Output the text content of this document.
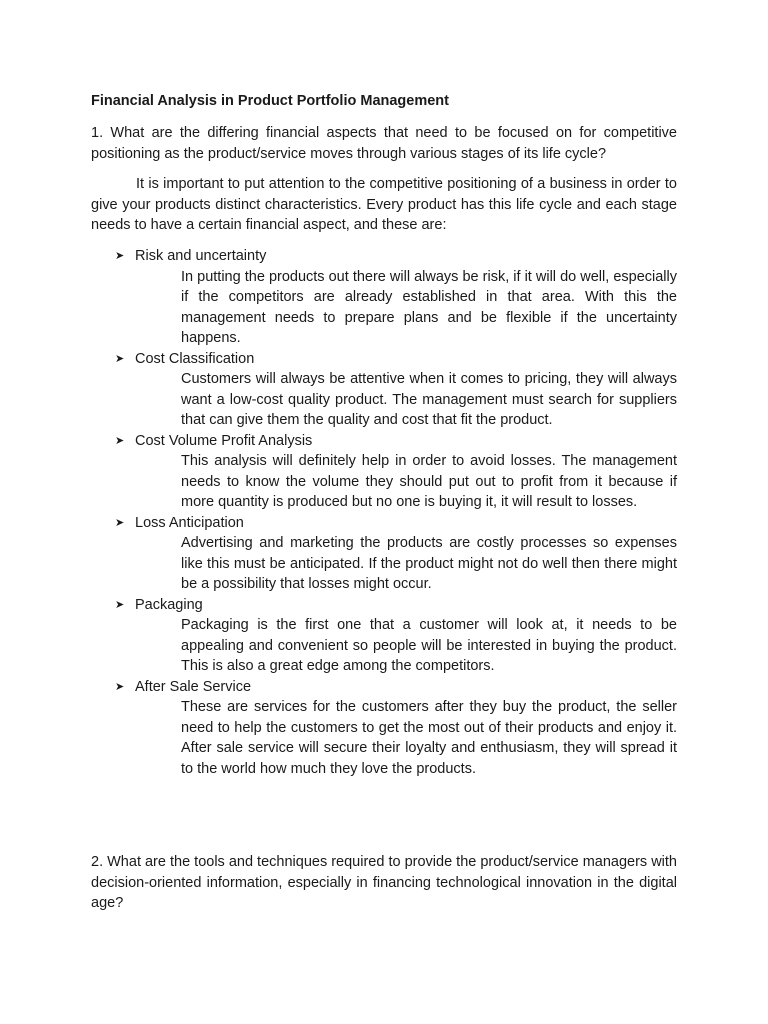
Financial Analysis in Product Portfolio Management

1. What are the differing financial aspects that need to be focused on for competitive positioning as the product/service moves through various stages of its life cycle?

It is important to put attention to the competitive positioning of a business in order to give your products distinct characteristics. Every product has this life cycle and each stage needs to have a certain financial aspect, and these are:

➤ Risk and uncertainty
In putting the products out there will always be risk, if it will do well, especially if the competitors are already established in that area. With this the management needs to prepare plans and be flexible if the uncertainty happens.
➤ Cost Classification
Customers will always be attentive when it comes to pricing, they will always want a low-cost quality product. The management must search for suppliers that can give them the quality and cost that fit the product.
➤ Cost Volume Profit Analysis
This analysis will definitely help in order to avoid losses. The management needs to know the volume they should put out to profit from it because if more quantity is produced but no one is buying it, it will result to losses.
➤ Loss Anticipation
Advertising and marketing the products are costly processes so expenses like this must be anticipated. If the product might not do well then there might be a possibility that losses might occur.
➤ Packaging
Packaging is the first one that a customer will look at, it needs to be appealing and convenient so people will be interested in buying the product. This is also a great edge among the competitors.
➤ After Sale Service
These are services for the customers after they buy the product, the seller need to help the customers to get the most out of their products and enjoy it. After sale service will secure their loyalty and enthusiasm, they will spread it to the world how much they love the products.

2. What are the tools and techniques required to provide the product/service managers with decision-oriented information, especially in financing technological innovation in the digital age?
